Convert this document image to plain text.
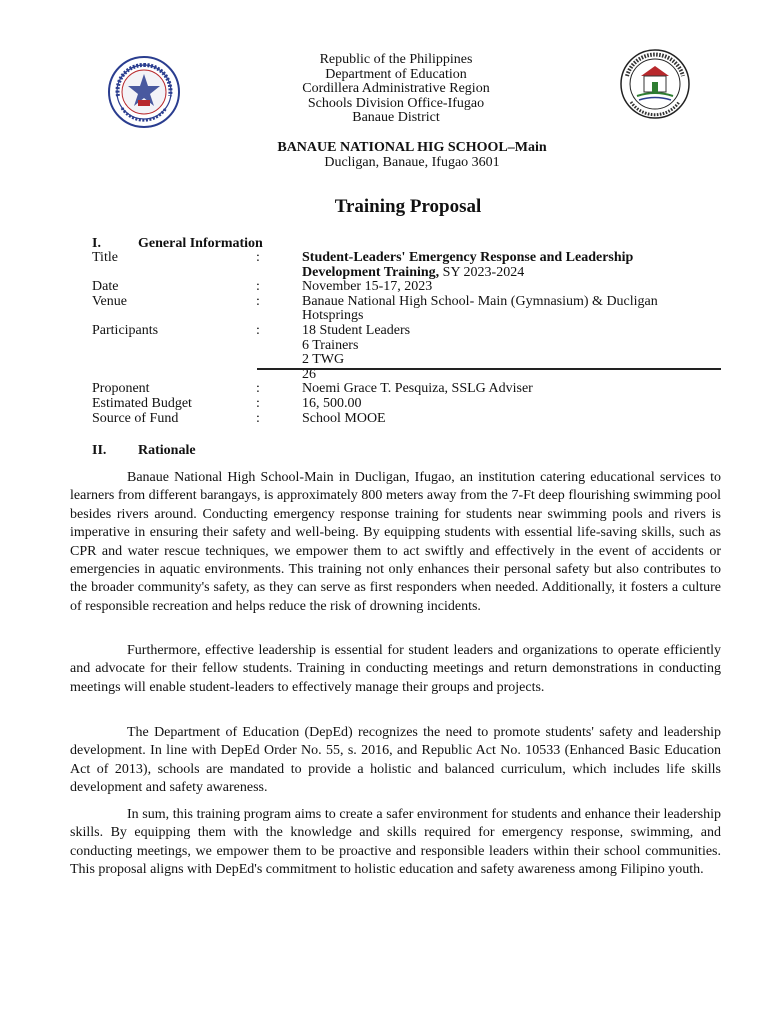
Republic of the Philippines
Department of Education
Cordillera Administrative Region
Schools Division Office-Ifugao
Banaue District
BANAUE NATIONAL HIG SCHOOL–Main
Ducligan, Banaue, Ifugao 3601
Training Proposal
I.	General Information
Title	:	Student-Leaders' Emergency Response and Leadership
Development Training, SY 2023-2024
Date	:	November 15-17, 2023
Venue	:	Banaue National High School- Main (Gymnasium) & Ducligan
Hotsprings
Participants	:	18 Student Leaders
6 Trainers
2 TWG
26
Proponent	:	Noemi Grace T. Pesquiza, SSLG Adviser
Estimated Budget	:	16, 500.00
Source of Fund	:	School MOOE
II. Rationale

Banaue National High School-Main in Ducligan, Ifugao, an institution catering educational services to learners from different barangays, is approximately 800 meters away from the 7-Ft deep flourishing swimming pool besides rivers around. Conducting emergency response training for students near swimming pools and rivers is imperative in ensuring their safety and well-being. By equipping students with essential life-saving skills, such as CPR and water rescue techniques, we empower them to act swiftly and effectively in the event of accidents or emergencies in aquatic environments. This training not only enhances their personal safety but also contributes to the broader community's safety, as they can serve as first responders when needed. Additionally, it fosters a culture of responsible recreation and helps reduce the risk of drowning incidents.

Furthermore, effective leadership is essential for student leaders and organizations to operate efficiently and advocate for their fellow students. Training in conducting meetings and return demonstrations in conducting meetings will enable student-leaders to effectively manage their groups and projects.

The Department of Education (DepEd) recognizes the need to promote students' safety and leadership development. In line with DepEd Order No. 55, s. 2016, and Republic Act No. 10533 (Enhanced Basic Education Act of 2013), schools are mandated to provide a holistic and balanced curriculum, which includes life skills development and safety awareness.

In sum, this training program aims to create a safer environment for students and enhance their leadership skills. By equipping them with the knowledge and skills required for emergency response, swimming, and conducting meetings, we empower them to be proactive and responsible leaders within their school communities. This proposal aligns with DepEd's commitment to holistic education and safety awareness among Filipino youth.
